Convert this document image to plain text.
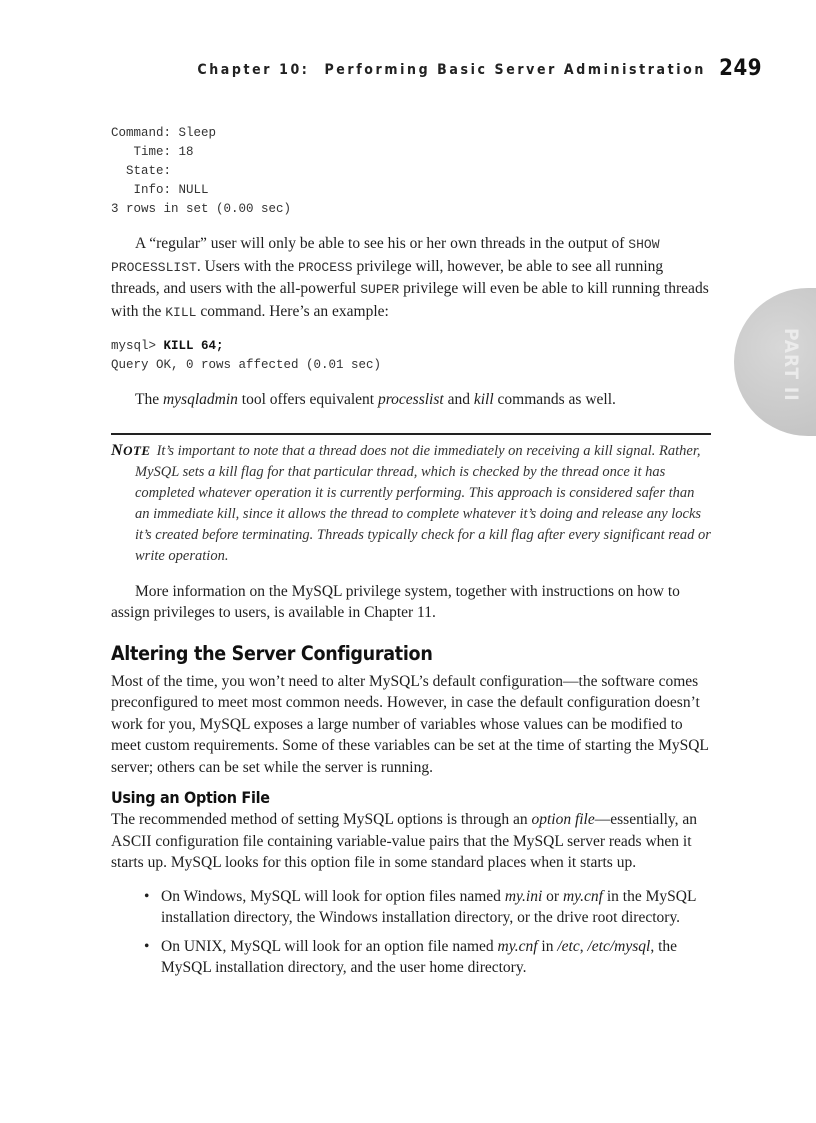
Chapter 10: Performing Basic Server Administration 249
PART II
Command: Sleep
Time: 18
State:
Info: NULL
3 rows in set (0.00 sec)

A “regular” user will only be able to see his or her own threads in the output of SHOW PROCESSLIST. Users with the PROCESS privilege will, however, be able to see all running threads, and users with the all-powerful SUPER privilege will even be able to kill running threads with the KILL command. Here’s an example:

mysql> KILL 64;
Query OK, 0 rows affected (0.01 sec)

The mysqladmin tool offers equivalent processlist and kill commands as well.

NOTE It’s important to note that a thread does not die immediately on receiving a kill signal. Rather, MySQL sets a kill flag for that particular thread, which is checked by the thread once it has completed whatever operation it is currently performing. This approach is considered safer than an immediate kill, since it allows the thread to complete whatever it’s doing and release any locks it’s created before terminating. Threads typically check for a kill flag after every significant read or write operation.

More information on the MySQL privilege system, together with instructions on how to assign privileges to users, is available in Chapter 11.

Altering the Server Configuration

Most of the time, you won’t need to alter MySQL’s default configuration—the software comes preconfigured to meet most common needs. However, in case the default configuration doesn’t work for you, MySQL exposes a large number of variables whose values can be modified to meet custom requirements. Some of these variables can be set at the time of starting the MySQL server; others can be set while the server is running.

Using an Option File

The recommended method of setting MySQL options is through an option file—essentially, an ASCII configuration file containing variable-value pairs that the MySQL server reads when it starts up. MySQL looks for this option file in some standard places when it starts up.

• On Windows, MySQL will look for option files named my.ini or my.cnf in the MySQL installation directory, the Windows installation directory, or the drive root directory.
• On UNIX, MySQL will look for an option file named my.cnf in /etc, /etc/mysql, the MySQL installation directory, and the user home directory.
